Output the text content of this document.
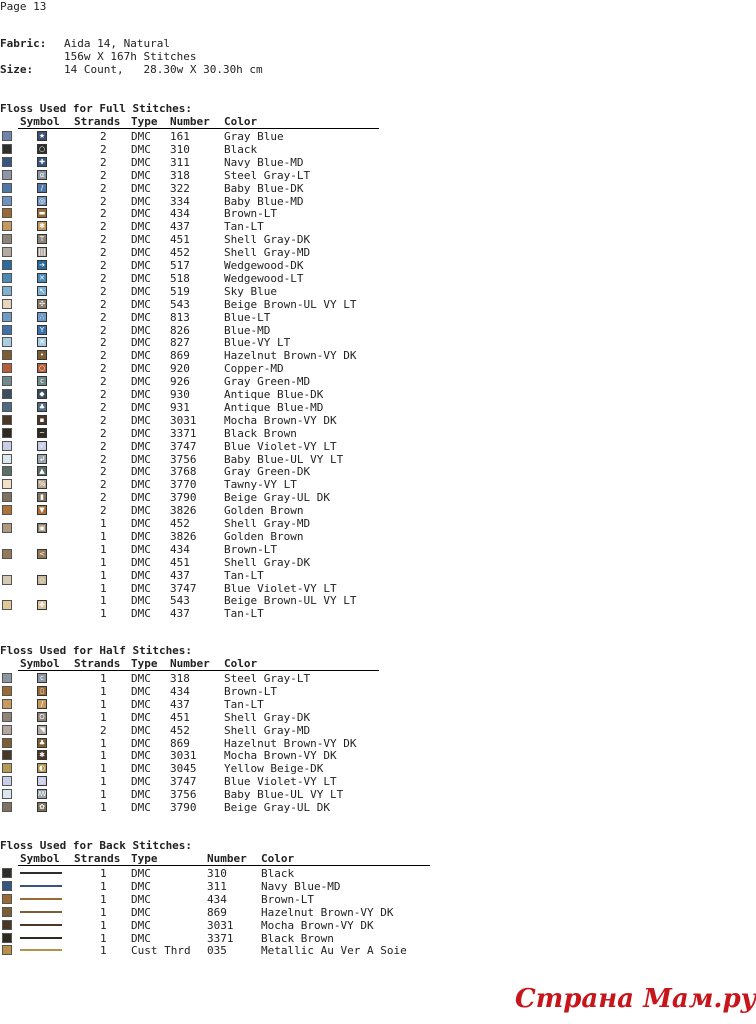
Page 13
Fabric: Aida 14, Natural
156w X 167h Stitches
Size:	14 Count,   28.30w X 30.30h cm
Страна Мам.ру
Floss Used for Full Stitches:
Symbol Strands Type Number Color
★	2 DMC 161	Gray Blue
○	2 DMC 310	Black
✚	2 DMC 311	Navy Blue-MD
α	2 DMC 318	Steel Gray-LT
/	2 DMC 322	Baby Blue-DK
◎	2 DMC 334	Baby Blue-MD
▬	2 DMC 434	Brown-LT
✱	2 DMC 437	Tan-LT
T	2 DMC 451	Shell Gray-DK
|||	2 DMC 452	Shell Gray-MD
➔	2 DMC 517	Wedgewood-DK
✕	2 DMC 518	Wedgewood-LT
↖	2 DMC 519	Sky Blue
✣	2 DMC 543	Beige Brown-UL VY LT
∴	2 DMC 813	Blue-LT
Y	2 DMC 826	Blue-MD
✕	2 DMC 827	Blue-VY LT
•	2 DMC 869	Hazelnut Brown-VY DK
○	2 DMC 920	Copper-MD
c	2 DMC 926	Gray Green-MD
◆	2 DMC 930	Antique Blue-DK
♣	2 DMC 931	Antique Blue-MD
▪	2 DMC 3031	Mocha Brown-VY DK
~	2 DMC 3371	Black Brown
√	2 DMC 3747	Blue Violet-VY LT
↲	2 DMC 3756	Baby Blue-UL VY LT
▲	2 DMC 3768	Gray Green-DK
%	2 DMC 3770	Tawny-VY LT
▮	2 DMC 3790	Beige Gray-UL DK
▼	2 DMC 3826	Golden Brown
▣	1 DMC 452	Shell Gray-MD
1 DMC 3826	Golden Brown
<	1 DMC 434	Brown-LT
1 DMC 451	Shell Gray-DK
◇	1 DMC 437	Tan-LT
1 DMC 3747	Blue Violet-VY LT
✤	1 DMC 543	Beige Brown-UL VY LT
1 DMC 437	Tan-LT
Floss Used for Half Stitches:
Symbol Strands Type Number Color
c	1 DMC 318	Steel Gray-LT
▯	1 DMC 434	Brown-LT
/	1 DMC 437	Tan-LT
O	1 DMC 451	Shell Gray-DK
◥	2 DMC 452	Shell Gray-MD
♣	1 DMC 869	Hazelnut Brown-VY DK
✱	1 DMC 3031	Mocha Brown-VY DK
◐	1 DMC 3045	Yellow Beige-DK
◇	1 DMC 3747	Blue Violet-VY LT
ꟿ	1 DMC 3756	Baby Blue-UL VY LT
✿	1 DMC 3790	Beige Gray-UL DK
Floss Used for Back Stitches:
Symbol Strands Type	Number Color
1 DMC	310	Black
1 DMC	311	Navy Blue-MD
1 DMC	434	Brown-LT
1 DMC	869	Hazelnut Brown-VY DK
1 DMC	3031	Mocha Brown-VY DK
1 DMC	3371	Black Brown
1 Cust Thrd 035	Metallic Au Ver A Soie
